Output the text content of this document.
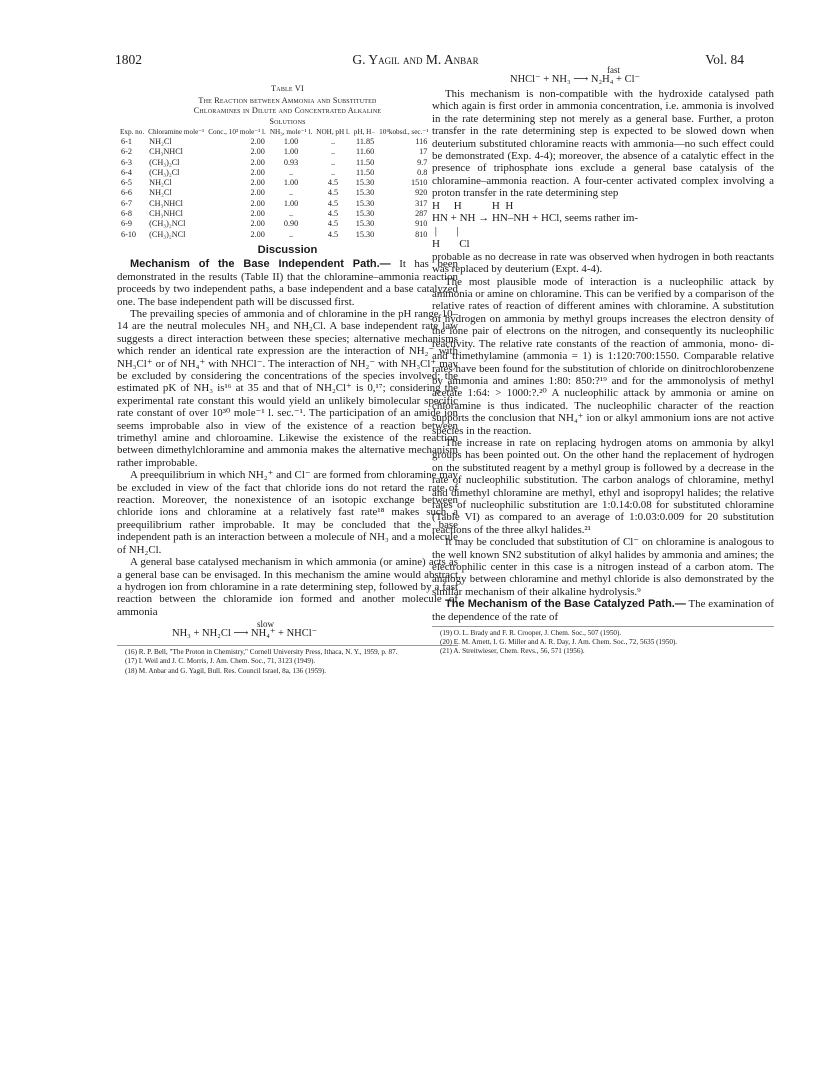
1802	G. Yagil and M. Anbar	Vol. 84
Table VI
The Reaction between Ammonia and Substituted
Chloramines in Dilute and Concentrated Alkaline
Solutions
Exp. no.	Chloramine mole⁻¹	Conc., 10³ mole⁻¹ l.	NH₃, mole⁻¹ l.	NOH, pH l.	pH, H₋	10⁴kobsd., sec.⁻¹
6-1	NH₂Cl	2.00	1.00	..	11.85	116
6-2	CH₃NHCl	2.00	1.00	..	11.60	17
6-3	(CH₃)₂Cl	2.00	0.93	..	11.50	9.7
6-4	(CH₃)₂Cl	2.00	..	..	11.50	0.8
6-5	NH₂Cl	2.00	1.00	4.5	15.30	1510
6-6	NH₂Cl	2.00	..	4.5	15.30	920
6-7	CH₃NHCl	2.00	1.00	4.5	15.30	317
6-8	CH₃NHCl	2.00	..	4.5	15.30	287
6-9	(CH₃)₂NCl	2.00	0.90	4.5	15.30	910
6-10	(CH₃)₂NCl	2.00	..	4.5	15.30	810
Discussion

Mechanism of the Base Independent Path.— It has been demonstrated in the results (Table II) that the chloramine–ammonia reaction proceeds by two independent paths, a base independent and a base catalyzed one. The base independent path will be discussed first.

The prevailing species of ammonia and of chloramine in the pH range 10–14 are the neutral molecules NH₃ and NH₂Cl. A base independent rate law suggests a direct interaction between these species; alternative mechanisms which render an identical rate expression are the interaction of NH₂⁻ with NH₃Cl⁺ or of NH₄⁺ with NHCl⁻. The interaction of NH₂⁻ with NH₃Cl⁺ may be excluded by considering the concentrations of the species involved; the estimated pK of NH₃ is¹⁶ at 35 and that of NH₂Cl⁺ is 0,¹⁷; considering the experimental rate constant this would yield an unlikely bimolecular specific rate constant of over 10³⁰ mole⁻¹ l. sec.⁻¹. The participation of an amide ion seems improbable also in view of the existence of a reaction between trimethyl amine and chloroamine. Likewise the existence of the reaction between dimethylchloramine and ammonia makes the alternative mechanism rather improbable.

A preequilibrium in which NH₂⁺ and Cl⁻ are formed from chloramine may be excluded in view of the fact that chloride ions do not retard the rate of reaction. Moreover, the nonexistence of an isotopic exchange between chloride ions and chloramine at a relatively fast rate¹⁸ makes such a preequilibrium rather improbable. It may be concluded that the base independent path is an interaction between a molecule of NH₃ and a molecule of NH₂Cl.

A general base catalysed mechanism in which ammonia (or amine) acts as a general base can be envisaged. In this mechanism the amine would abstract a hydrogen ion from chloramine in a rate determining step, followed by a fast reaction between the chloramide ion formed and another molecule of ammonia

slow
NH₃ + NH₂Cl ⟶ NH₄⁺ + NHCl⁻

(16) R. P. Bell, "The Proton in Chemistry," Cornell University Press, Ithaca, N. Y., 1959, p. 87.

(17) I. Weil and J. C. Morris, J. Am. Chem. Soc., 71, 3123 (1949).

(18) M. Anbar and G. Yagil, Bull. Res. Council Israel, 8a, 136 (1959).

fast
NHCl⁻ + NH₃ ⟶ N₂H₄ + Cl⁻

This mechanism is non-compatible with the hydroxide catalysed path which again is first order in ammonia concentration, i.e. ammonia is involved in the rate determining step not merely as a general base. Further, a proton transfer in the rate determining step is expected to be slowed down when deuterium substituted chloramine reacts with ammonia—no such effect could be demonstrated (Exp. 4-4); moreover, the absence of a catalytic effect in the presence of triphosphate ions exclude a general base catalysis of the chloramine–ammonia reaction. A four-center activated complex involving a proton transfer in the rate determining step

H     H           H  H
HN + NH → HN–NH + HCl, seems rather im-
|       |
H       Cl

probable as no decrease in rate was observed when hydrogen in both reactants was replaced by deuterium (Expt. 4-4).

The most plausible mode of interaction is a nucleophilic attack by ammonia or amine on chloramine. This can be verified by a comparison of the relative rates of reaction of different amines with chloramine. A substitution of hydrogen on ammonia by methyl groups increases the electron density of the lone pair of electrons on the nitrogen, and consequently its nucleophilic reactivity. The relative rate constants of the reaction of ammonia, mono- di- and trimethylamine (ammonia = 1) is 1:120:700:1550. Comparable relative rates have been found for the substitution of chloride on dinitrochlorobenzene by ammonia and amines 1:80: 850:?¹⁹ and for the ammonolysis of methyl acetate 1:64: > 1000:?.²⁰ A nucleophilic attack by ammonia or amine on chloramine is thus indicated. The nucleophilic character of the reaction supports the conclusion that NH₄⁺ ion or alkyl ammonium ions are not active species in the reaction.

The increase in rate on replacing hydrogen atoms on ammonia by alkyl groups has been pointed out. On the other hand the replacement of hydrogen on the substituted reagent by a methyl group is followed by a decrease in the rate of nucleophilic substitution. The carbon analogs of chloramine, methyl and dimethyl chloramine are methyl, ethyl and isopropyl halides; the relative rates of nucleophilic substitution are 1:0.14:0.08 for substituted chloramine (Table VI) as compared to an average of 1:0.03:0.009 for 20 substitution reactions of the three alkyl halides.²¹

It may be concluded that substitution of Cl⁻ on chloramine is analogous to the well known SN2 substitution of alkyl halides by ammonia and amines; the electrophilic center in this case is a nitrogen instead of a carbon atom. The analogy between chloramine and methyl chloride is also demonstrated by the similar mechanism of their alkaline hydrolysis.⁹

The Mechanism of the Base Catalyzed Path.— The examination of the dependence of the rate of

(19) O. L. Brady and F. R. Crooper, J. Chem. Soc., 507 (1950).

(20) E. M. Arnett, I. G. Miller and A. R. Day, J. Am. Chem. Soc., 72, 5635 (1950).

(21) A. Streitwieser, Chem. Revs., 56, 571 (1956).
